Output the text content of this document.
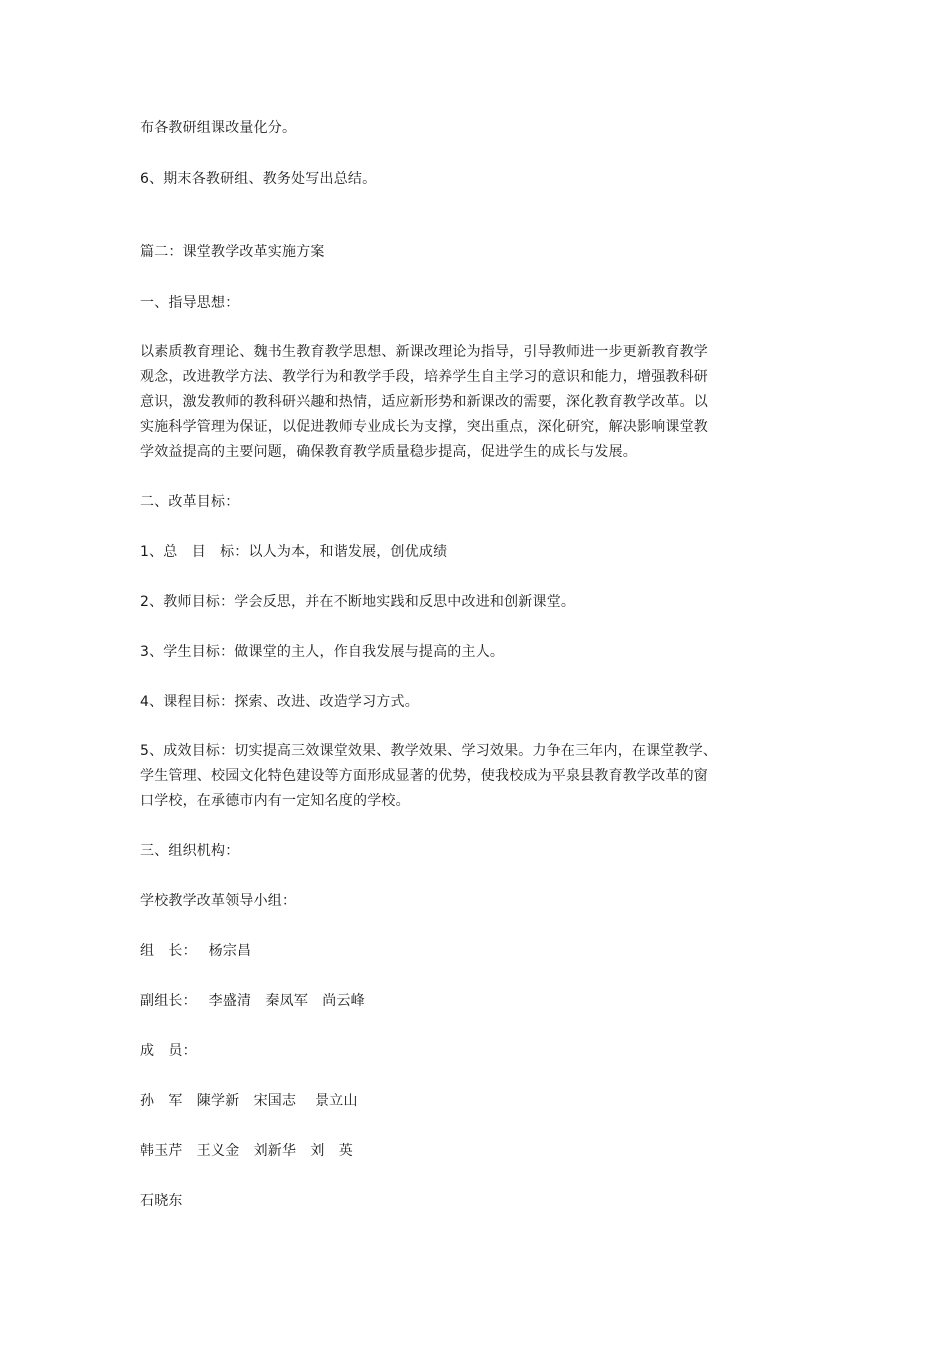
布各教研组课改量化分。
6、期末各教研组、教务处写出总结。
篇二：课堂教学改革实施方案
一、指导思想：
以素质教育理论、魏书生教育教学思想、新课改理论为指导，引导教师进一步更新教育教学
观念，改进教学方法、教学行为和教学手段，培养学生自主学习的意识和能力，增强教科研
意识，激发教师的教科研兴趣和热情，适应新形势和新课改的需要，深化教育教学改革。以
实施科学管理为保证，以促进教师专业成长为支撑，突出重点，深化研究，解决影响课堂教
学效益提高的主要问题，确保教育教学质量稳步提高，促进学生的成长与发展。
二、改革目标：
1、总　目　标：以人为本，和谐发展，创优成绩
2、教师目标：学会反思，并在不断地实践和反思中改进和创新课堂。
3、学生目标：做课堂的主人，作自我发展与提高的主人。
4、课程目标：探索、改进、改造学习方式。
5、成效目标：切实提高三效课堂效果、教学效果、学习效果。力争在三年内，在课堂教学、
学生管理、校园文化特色建设等方面形成显著的优势，使我校成为平泉县教育教学改革的窗
口学校，在承德市内有一定知名度的学校。
三、组织机构：
学校教学改革领导小组：
组　长：　 杨宗昌
副组长：　 李盛清　秦凤军　尚云峰
成　员：
孙　军　陳学新　宋国志　 景立山
韩玉芹　王义金　刘新华　刘　英
石晓东
